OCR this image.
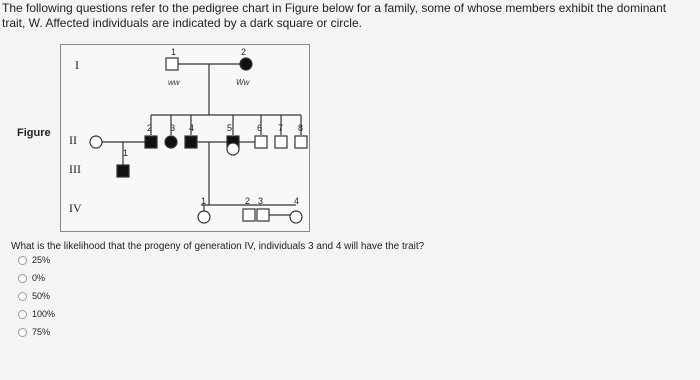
The following questions refer to the pedigree chart in Figure below for a family, some of whose members exhibit the dominant
trait, W. Affected individuals are indicated by a dark square or circle.
Figure
I
II
III
IV
1	2
ww	Ww
2 3 4	5	6 7 8
1
1	2 3	4
What is the likelihood that the progeny of generation IV, individuals 3 and 4 will have the trait?
25%
0%
50%
100%
75%
